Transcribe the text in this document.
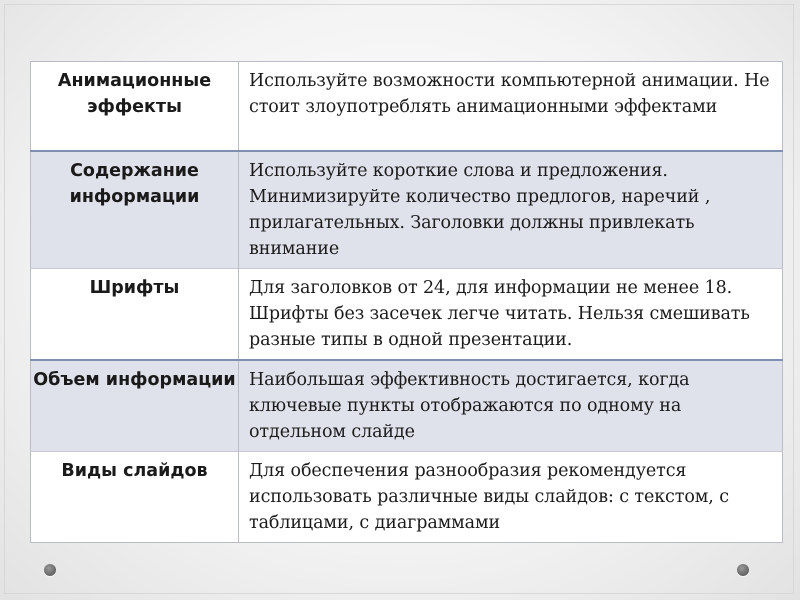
Анимационные эффекты	Используйте возможности компьютерной анимации. Не стоит злоупотреблять анимационными эффектами

Содержание информации	Используйте короткие слова и предложения. Минимизируйте количество предлогов, наречий , прилагательных. Заголовки должны привлекать внимание

Шрифты	Для заголовков от 24, для информации не менее 18. Шрифты без засечек легче читать. Нельзя смешивать разные типы в одной презентации.

Объем информации	Наибольшая эффективность достигается, когда ключевые пункты отображаются по одному на отдельном слайде

Виды слайдов	Для обеспечения разнообразия рекомендуется использовать различные виды слайдов: с текстом, с таблицами, с диаграммами
